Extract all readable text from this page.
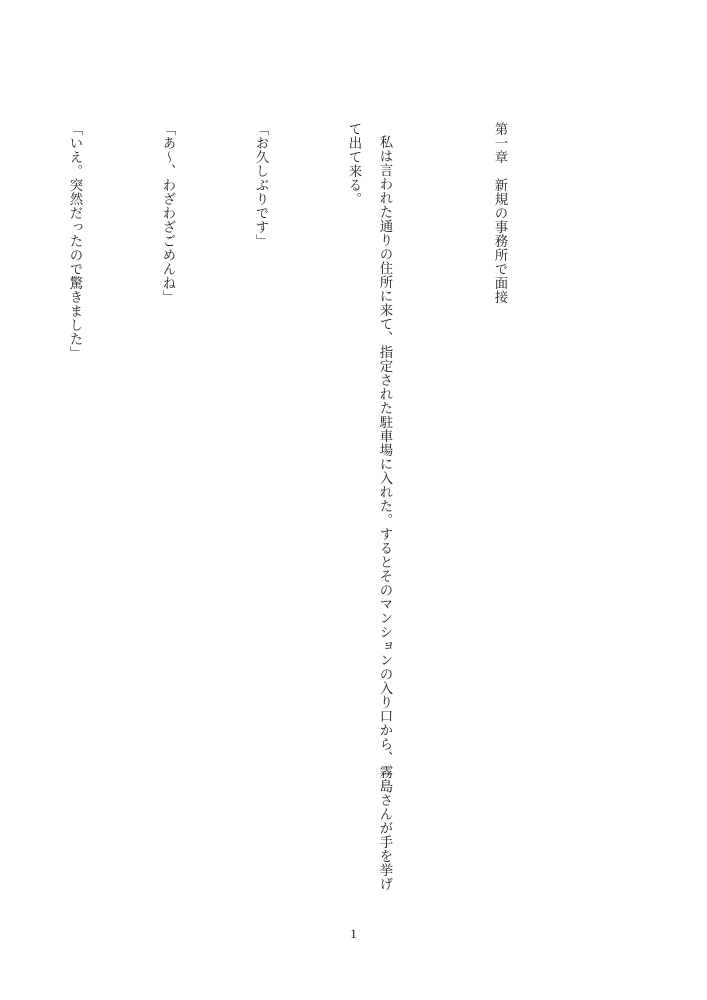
第一章　新規の事務所で面接

私は言われた通りの住所に来て、指定された駐車場に入れた。するとそのマンションの入り口から、霧島さんが手を挙げて出て来る。

「お久しぶりです」

「あ〜、わざわざごめんね」

「いえ。突然だったので驚きました」

1
